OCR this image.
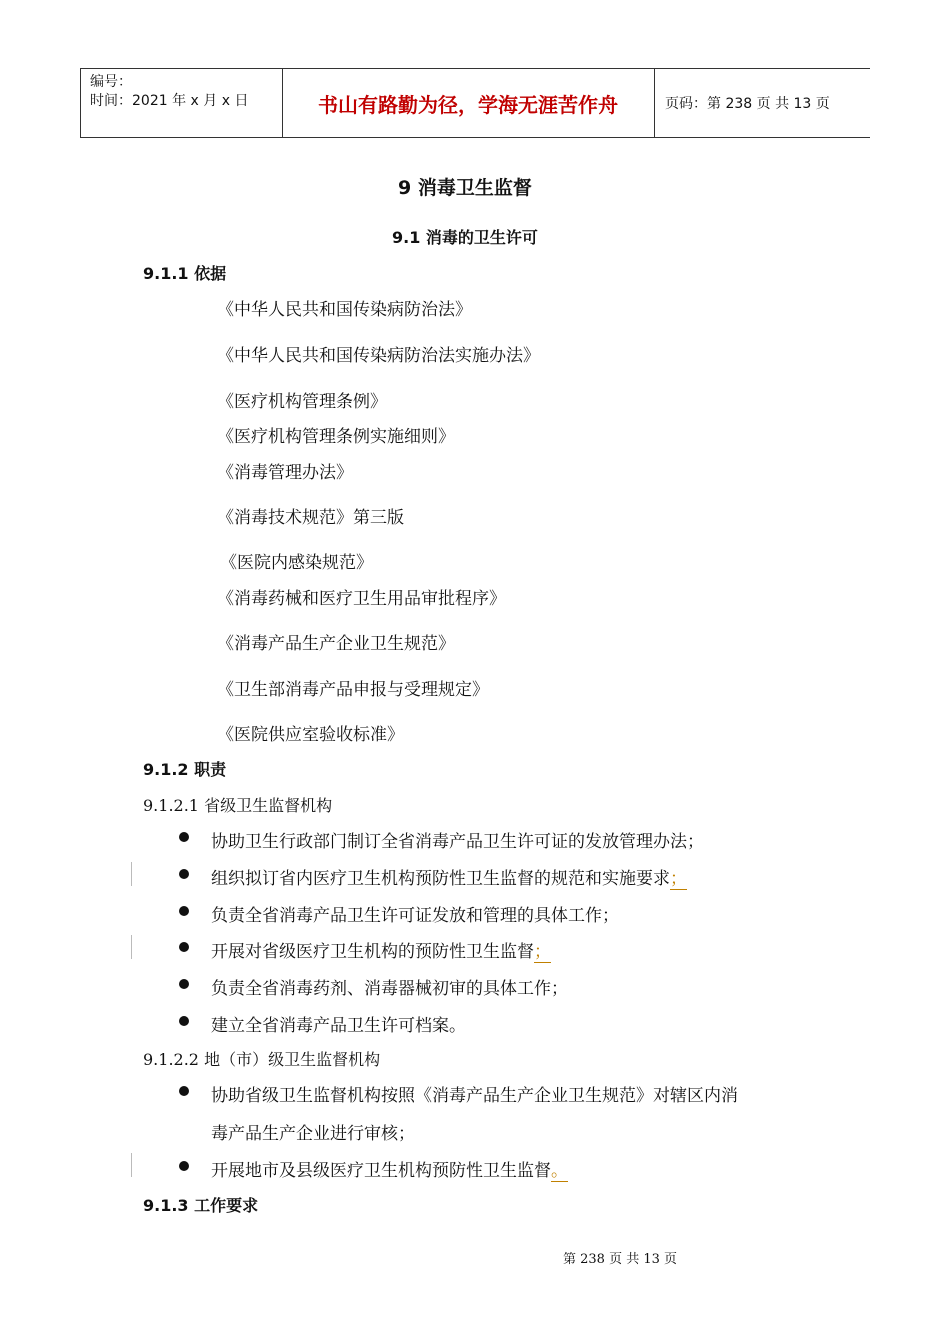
编号：
时间：2021 年 x 月 x 日	书山有路勤为径，学海无涯苦作舟	页码：第 238 页 共 13 页
9 消毒卫生监督
9.1 消毒的卫生许可
9.1.1 依据
《中华人民共和国传染病防治法》
《中华人民共和国传染病防治法实施办法》
《医疗机构管理条例》
《医疗机构管理条例实施细则》
《消毒管理办法》
《消毒技术规范》第三版
《医院内感染规范》
《消毒药械和医疗卫生用品审批程序》
《消毒产品生产企业卫生规范》
《卫生部消毒产品申报与受理规定》
《医院供应室验收标准》
9.1.2 职责
9.1.2.1 省级卫生监督机构
协助卫生行政部门制订全省消毒产品卫生许可证的发放管理办法；
组织拟订省内医疗卫生机构预防性卫生监督的规范和实施要求；
负责全省消毒产品卫生许可证发放和管理的具体工作；
开展对省级医疗卫生机构的预防性卫生监督；
负责全省消毒药剂、消毒器械初审的具体工作；
建立全省消毒产品卫生许可档案。
9.1.2.2 地（市）级卫生监督机构
协助省级卫生监督机构按照《消毒产品生产企业卫生规范》对辖区内消
毒产品生产企业进行审核；
开展地市及县级医疗卫生机构预防性卫生监督。
9.1.3 工作要求
第 238 页 共 13 页
